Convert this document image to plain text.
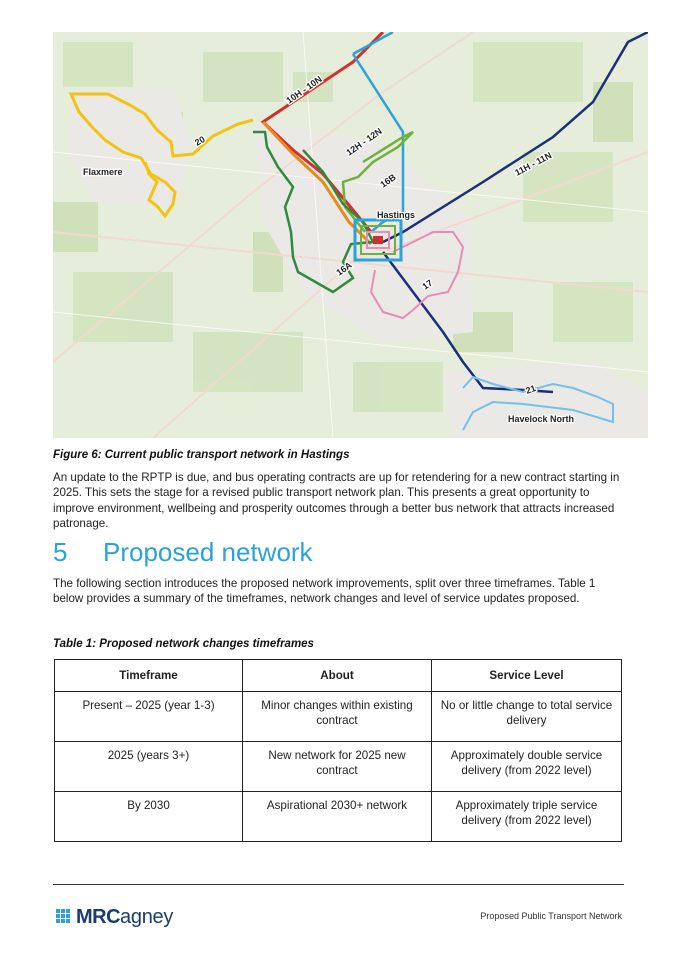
Flaxmere
Hastings
Havelock North
10H - 10N
12H - 12N
11H - 11N
16B
16A
17
20
21
Figure 6: Current public transport network in Hastings

An update to the RPTP is due, and bus operating contracts are up for retendering for a new contract starting in 2025. This sets the stage for a revised public transport network plan. This presents a great opportunity to improve environment, wellbeing and prosperity outcomes through a better bus network that attracts increased patronage.

5 Proposed network

The following section introduces the proposed network improvements, split over three timeframes. Table 1 below provides a summary of the timeframes, network changes and level of service updates proposed.

Table 1: Proposed network changes timeframes
Timeframe	About	Service Level
Present – 2025 (year 1-3)	Minor changes within existing contract	No or little change to total service delivery
2025 (years 3+)	New network for 2025 new contract	Approximately double service delivery (from 2022 level)
By 2030	Aspirational 2030+ network	Approximately triple service delivery (from 2022 level)
MRC agney	Proposed Public Transport Network
